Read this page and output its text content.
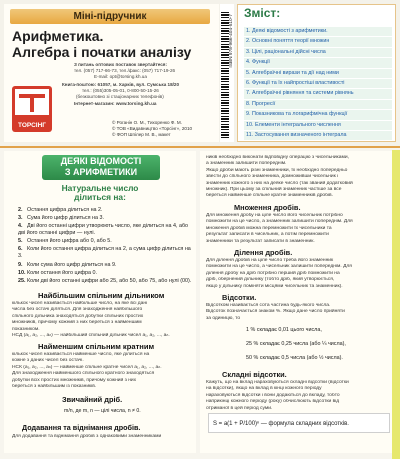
Міні-підручник
Арифметика.
Алгебра і початки аналізу
З питань оптових поставок звертайтеся:
тел. (057) 717-66-73, тел./факс: (057) 717-19-26
E-mail: opt@torsing.kh.ua
Книга-поштою: 61057, м. Харків, вул. Сумська 18/20
тел.: (055)305-05-01, 0-800-50-15-26
(безкоштовно зі стаціонарних телефонів)
Інтернет-магазин: www.torsing.kh.ua
ТОРСІНГ	© Роганін О. М., Тихоренко Ф. М.
© ТОВ «Видавництво «Торсінг», 2010
© ФОП Шпілер М. В., макет
ISBN 978-966-404-510-7
Зміст:
1. Деякі відомості з арифметики.
2. Основні поняття теорії множин
3. Цілі, раціональні дійсні числа
4. Функції
5. Алгебраїчні вирази та дії над ними
6. Функції та їх найпростіші властивості
7. Алгебраїчні рівняння та системи рівнянь
8. Прогресії
9. Показникова та логарифмічна функції
10. Елементи інтегрального числення
11. Застосування визначеного інтеграла
ДЕЯКІ ВІДОМОСТІ
З АРИФМЕТИКИ
Натуральне число
ділиться на:
2. Остання цифра ділиться на 2.
3. Сума його цифр ділиться на 3.
4. Дві його останні цифри утворюють число, яке ділиться на 4, або дві його останні цифри — нулі.
5. Остання його цифра або 0, або 5.
6. Коли його остання цифра ділиться на 2, а сума цифр ділиться на 3.
9. Коли сума його цифр ділиться на 9.
10. Коли остання його цифра 0.
25. Коли дві його останні цифри або 25, або 50, або 75, або нулі (00).
Найбільшим спільним дільником
кількох чисел називається найбільше число, на яке всі дані
числа без остачі діляться. Для знаходження найбільшого
спільного дільника знаходяться добутки спільних простих
множників, причому кожний з них береться з найменшим
показником.
НСД (a₁, a₂, ..., aₙ) — найбільший спільний дільник чисел a₁, a₂, ..., aₙ.
Найменшим спільним кратним
кількох чисел називається найменше число, яке ділиться на
кожне з даних чисел без остачі.
НСК (a₁, a₂, ..., aₙ) — найменше спільне кратне чисел a₁, a₂, ..., aₙ.
Для знаходження найменшого спільного кратного знаходяться
добутки всіх простих множників, причому кожний з них
береться з найбільшим із показників.
Звичайний дріб.
m/n, де m, n — цілі числа, n ≠ 0.
Додавання та віднімання дробів.
Для додавання та віднімання дробів з однаковими знаменниками
ників необхідно виконати відповідну операцію з чисельниками,
а знаменник залишити попереднім.
Якщо дроби мають різні знаменники, їх необхідно попередньо
звести до спільного знаменника, домноживши чисельник і
знаменник кожного з них на деяке число (так званий додатковий
множник). При цьому за спільний знаменник частіше за все
береться найменше спільне кратне знаменників дробів.
Множення дробів.
Для множення дробу на ціле число його чисельник потрібно
помножити на це число, а знаменник залишити попереднім. Для
множення дробів можна перемножити їх чисельники та
результат записати в чисельник, а потім перемножити
знаменники та результат записати в знаменник.
Ділення дробів.
Для ділення дробів на ціле число треба його знаменник
помножити на це число, а чисельник залишити попереднім. Для
ділення дробу на дріб потрібно перший дріб помножити на
дріб, обернений дільнику (тобто дріб, який утворюється,
якщо у дільнику поміняти місцями чисельник та знаменник).
Відсотки.
Відсотком називається сота частина будь-якого числа.
Відсоток позначається знаком %. Якщо дане число прийняти
за одиницю, то
1 % складає 0,01 цього числа,
25 % складає 0,25 числа (або ¼ числа),
50 % складає 0,5 числа (або ½ числа).
Складні відсотки.
Кажуть, що на вклад нараховуються складні відсотки (відсотки
на відсотки), якщо на вклад в кінці кожного періоду
нараховуються відсотки і вони додаються до вкладу, тобто
наприкінці кожного періоду (року) обчислюють відсотки від
отриманої в цей період суми.
S = a(1 + P/100)ⁿ — формула складних відсотків.
